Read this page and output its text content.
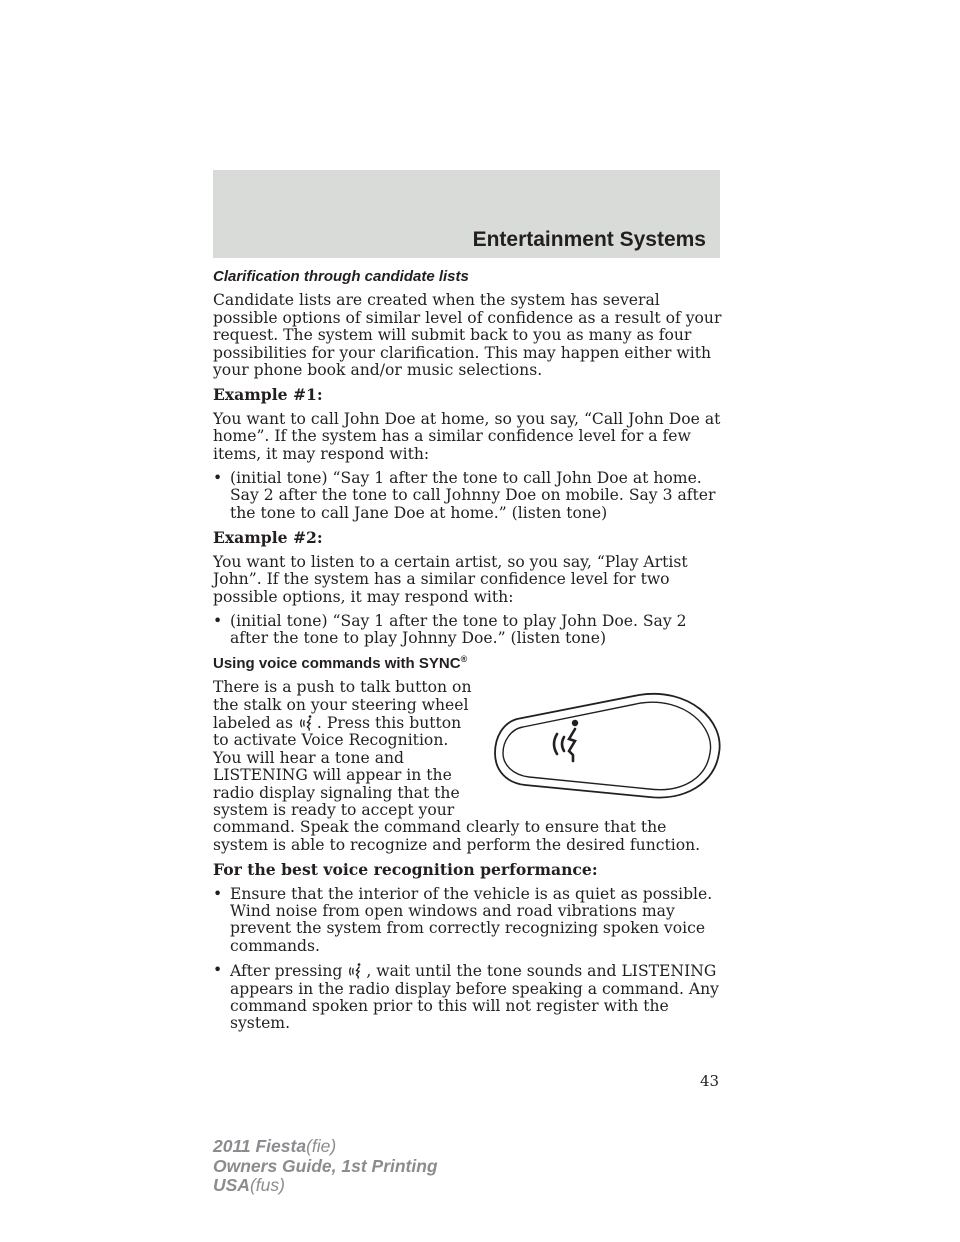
Entertainment Systems

Clarification through candidate lists

Candidate lists are created when the system has several possible options of similar level of confidence as a result of your request. The system will submit back to you as many as four possibilities for your clarification. This may happen either with your phone book and/or music selections.

Example #1:

You want to call John Doe at home, so you say, “Call John Doe at home”. If the system has a similar confidence level for a few items, it may respond with:

• (initial tone) “Say 1 after the tone to call John Doe at home. Say 2 after the tone to call Johnny Doe on mobile. Say 3 after the tone to call Jane Doe at home.” (listen tone)

Example #2:

You want to listen to a certain artist, so you say, “Play Artist John”. If the system has a similar confidence level for two possible options, it may respond with:

• (initial tone) “Say 1 after the tone to play John Doe. Say 2 after the tone to play Johnny Doe.” (listen tone)

Using voice commands with SYNC®

There is a push to talk button on the stalk on your steering wheel labeled as . Press this button to activate Voice Recognition. You will hear a tone and LISTENING will appear in the radio display signaling that the system is ready to accept your command. Speak the command clearly to ensure that the system is able to recognize and perform the desired function.

For the best voice recognition performance:

• Ensure that the interior of the vehicle is as quiet as possible. Wind noise from open windows and road vibrations may prevent the system from correctly recognizing spoken voice commands.
• After pressing , wait until the tone sounds and LISTENING appears in the radio display before speaking a command. Any command spoken prior to this will not register with the system.

43

2011 Fiesta(fie)
Owners Guide, 1st Printing
USA(fus)
